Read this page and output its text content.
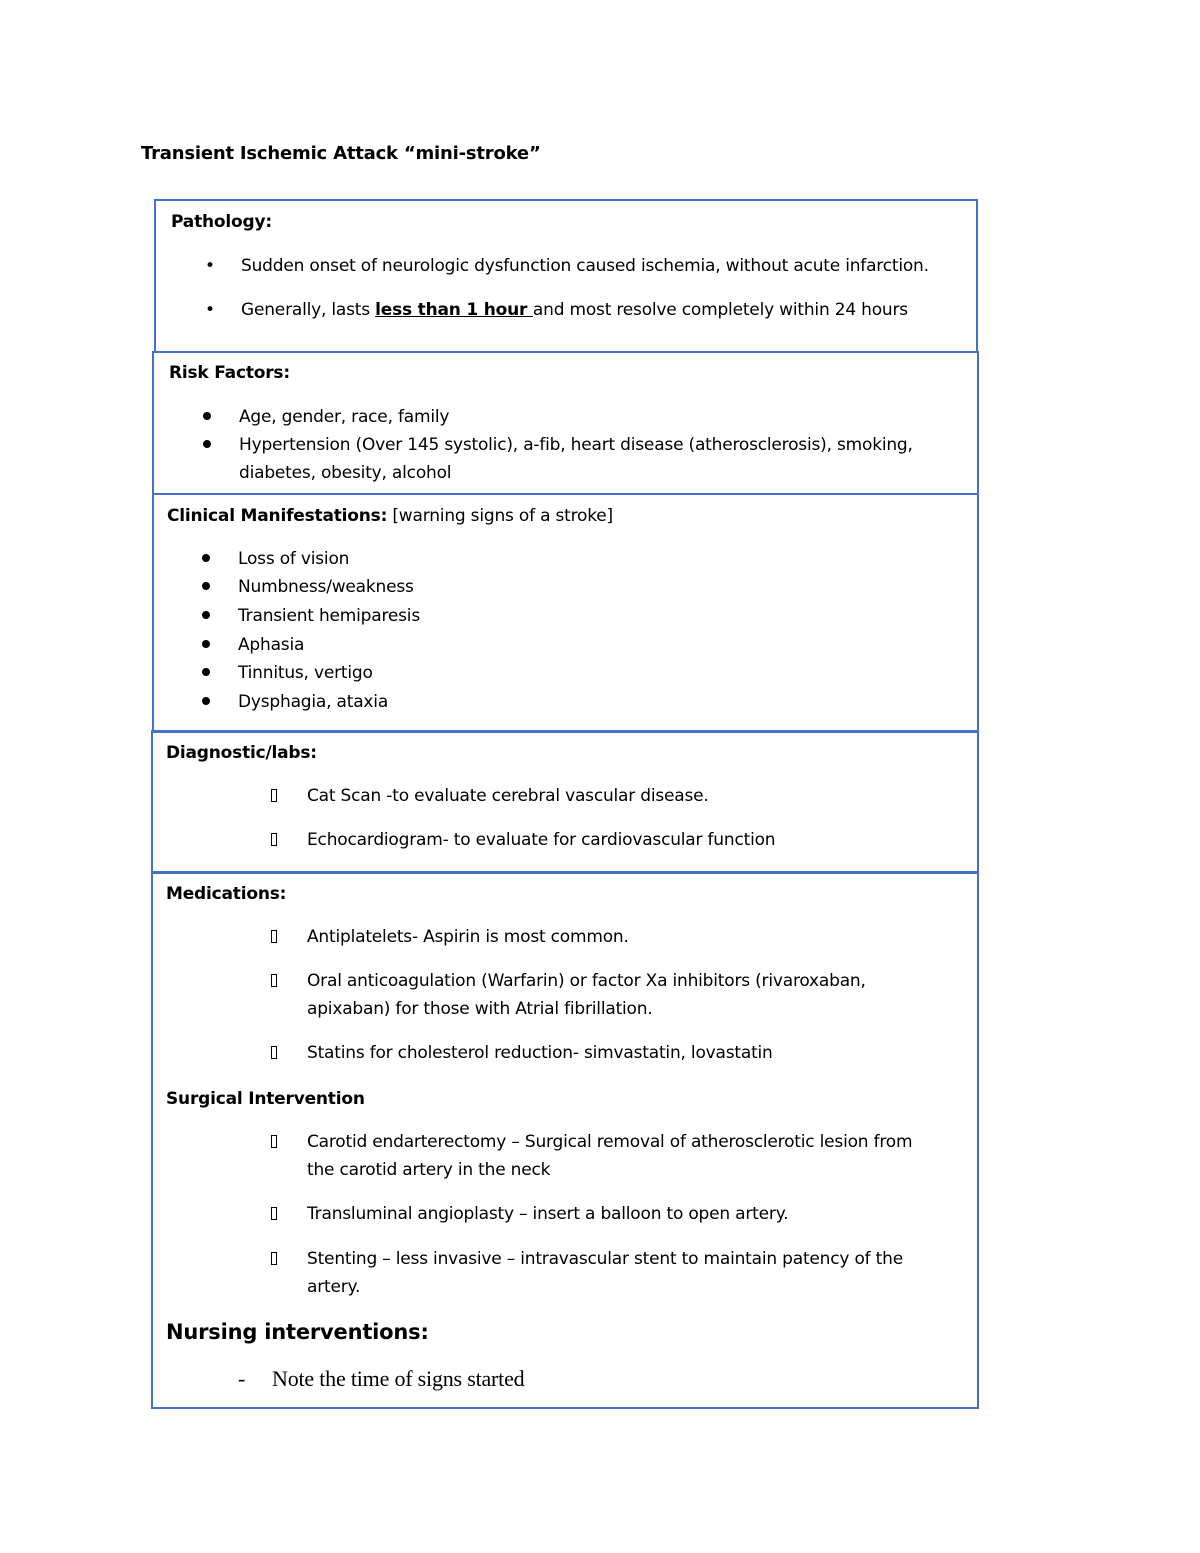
Transient Ischemic Attack “mini-stroke”
Pathology:
• Sudden onset of neurologic dysfunction caused ischemia, without acute infarction.
• Generally, lasts less than 1 hour and most resolve completely within 24 hours
Risk Factors:
Age, gender, race, family
Hypertension (Over 145 systolic), a-fib, heart disease (atherosclerosis), smoking,
diabetes, obesity, alcohol
Clinical Manifestations: [warning signs of a stroke]
Loss of vision
Numbness/weakness
Transient hemiparesis
Aphasia
Tinnitus, vertigo
Dysphagia, ataxia
Diagnostic/labs:
Cat Scan -to evaluate cerebral vascular disease.
Echocardiogram- to evaluate for cardiovascular function
Medications:
Antiplatelets- Aspirin is most common.
Oral anticoagulation (Warfarin) or factor Xa inhibitors (rivaroxaban,
apixaban) for those with Atrial fibrillation.
Statins for cholesterol reduction- simvastatin, lovastatin
Surgical Intervention
Carotid endarterectomy – Surgical removal of atherosclerotic lesion from
the carotid artery in the neck
Transluminal angioplasty – insert a balloon to open artery.
Stenting – less invasive – intravascular stent to maintain patency of the
artery.
Nursing interventions:
- Note the time of signs started
